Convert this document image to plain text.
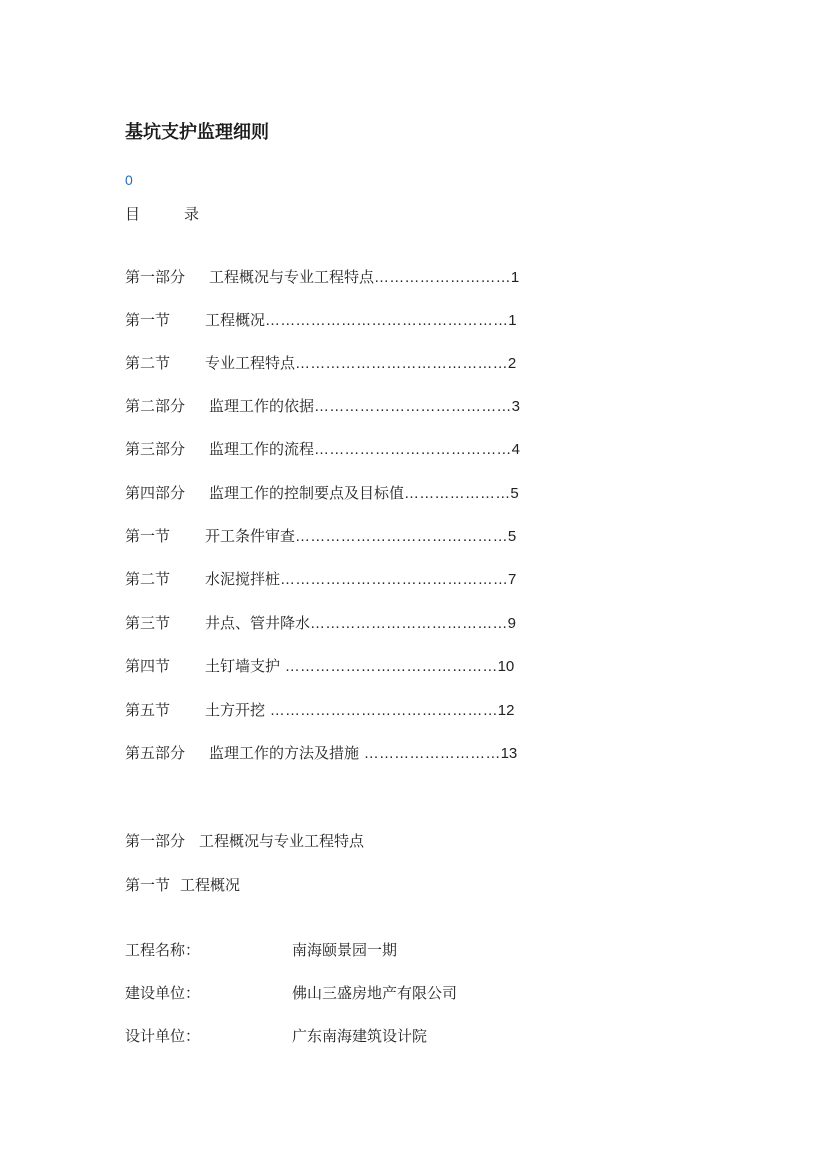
基坑支护监理细则
0
目	录
第一部分 工程概况与专业工程特点………………………1
第一节 工程概况…………………………………………1
第二节 专业工程特点……………………………………2
第二部分 监理工作的依据…………………………………3
第三部分 监理工作的流程…………………………………4
第四部分 监理工作的控制要点及目标值…………………5
第一节 开工条件审查……………………………………5
第二节 水泥搅拌桩………………………………………7
第三节 井点、管井降水…………………………………9
第四节 土钉墙支护 ……………………………………10
第五节 土方开挖 ………………………………………12
第五部分 监理工作的方法及措施 ………………………13
第一部分 工程概况与专业工程特点
第一节 工程概况
工程名称：	南海颐景园一期
建设单位：	佛山三盛房地产有限公司
设计单位：	广东南海建筑设计院
